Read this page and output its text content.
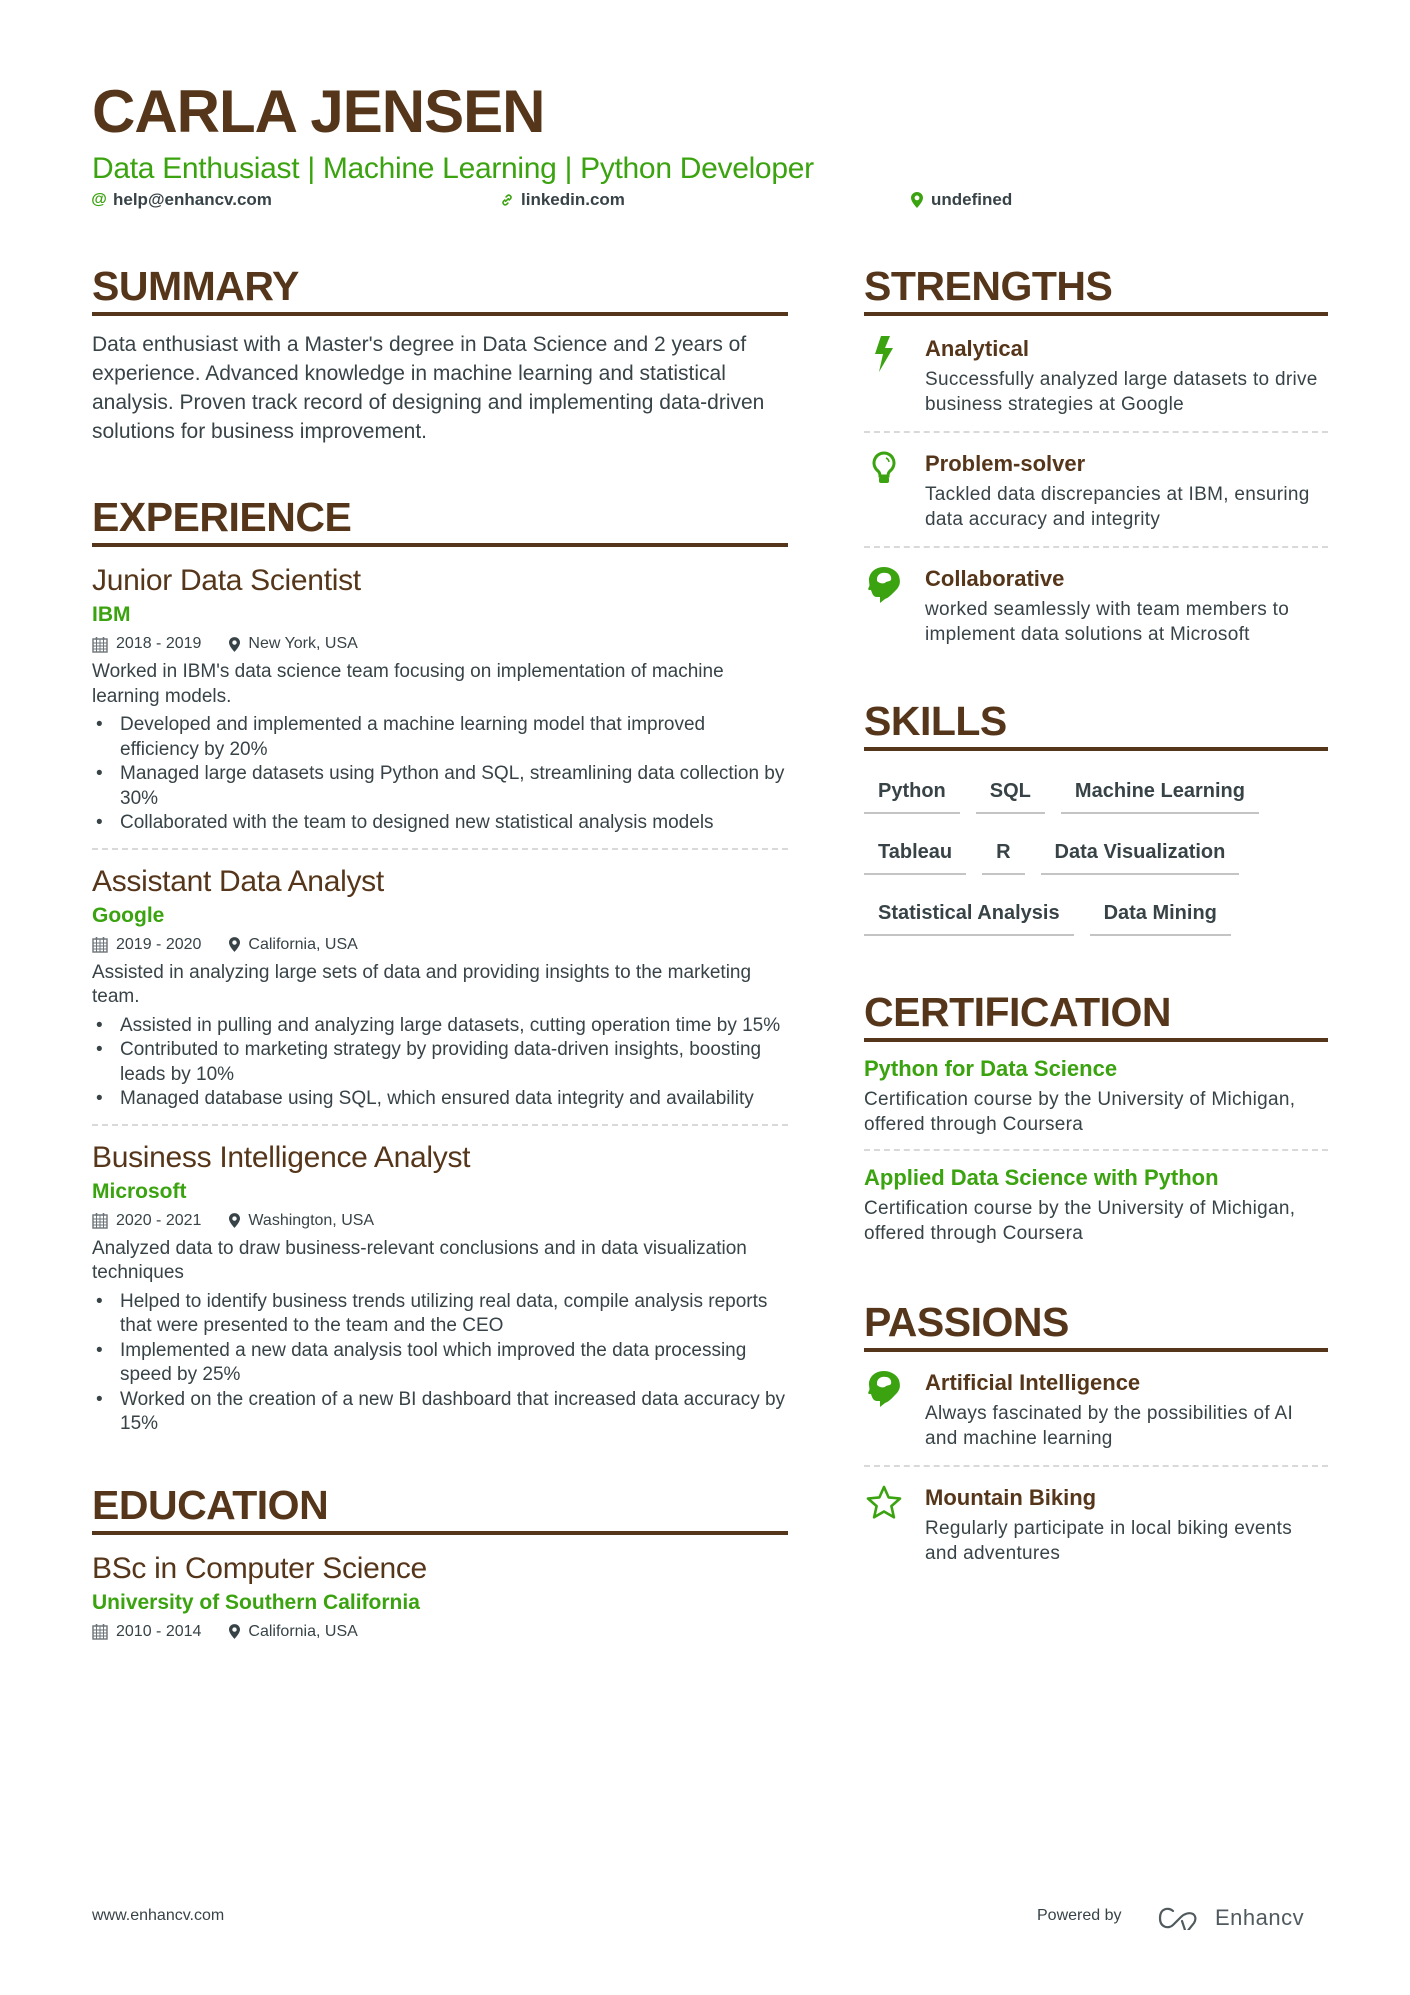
CARLA JENSEN
Data Enthusiast | Machine Learning | Python Developer
@ help@enhancv.com	linkedin.com	undefined
SUMMARY

Data enthusiast with a Master's degree in Data Science and 2 years of experience. Advanced knowledge in machine learning and statistical analysis. Proven track record of designing and implementing data-driven solutions for business improvement.

EXPERIENCE
Junior Data Scientist
IBM
2018 - 2019	New York, USA
Worked in IBM's data science team focusing on implementation of machine learning models.
• Developed and implemented a machine learning model that improved efficiency by 20%
• Managed large datasets using Python and SQL, streamlining data collection by 30%
• Collaborated with the team to designed new statistical analysis models
Assistant Data Analyst
Google
2019 - 2020	California, USA
Assisted in analyzing large sets of data and providing insights to the marketing team.
• Assisted in pulling and analyzing large datasets, cutting operation time by 15%
• Contributed to marketing strategy by providing data-driven insights, boosting leads by 10%
• Managed database using SQL, which ensured data integrity and availability
Business Intelligence Analyst
Microsoft
2020 - 2021	Washington, USA
Analyzed data to draw business-relevant conclusions and in data visualization techniques
• Helped to identify business trends utilizing real data, compile analysis reports that were presented to the team and the CEO
• Implemented a new data analysis tool which improved the data processing speed by 25%
• Worked on the creation of a new BI dashboard that increased data accuracy by 15%
EDUCATION
BSc in Computer Science
University of Southern California
2010 - 2014	California, USA
STRENGTHS
Analytical
Successfully analyzed large datasets to drive business strategies at Google
Problem-solver
Tackled data discrepancies at IBM, ensuring data accuracy and integrity
Collaborative
worked seamlessly with team members to implement data solutions at Microsoft
SKILLS
Python	SQL	Machine Learning
Tableau	R	Data Visualization
Statistical Analysis	Data Mining
CERTIFICATION
Python for Data Science
Certification course by the University of Michigan, offered through Coursera
Applied Data Science with Python
Certification course by the University of Michigan, offered through Coursera
PASSIONS
Artificial Intelligence
Always fascinated by the possibilities of AI and machine learning
Mountain Biking
Regularly participate in local biking events and adventures
www.enhancv.com	Powered by	Enhancv
